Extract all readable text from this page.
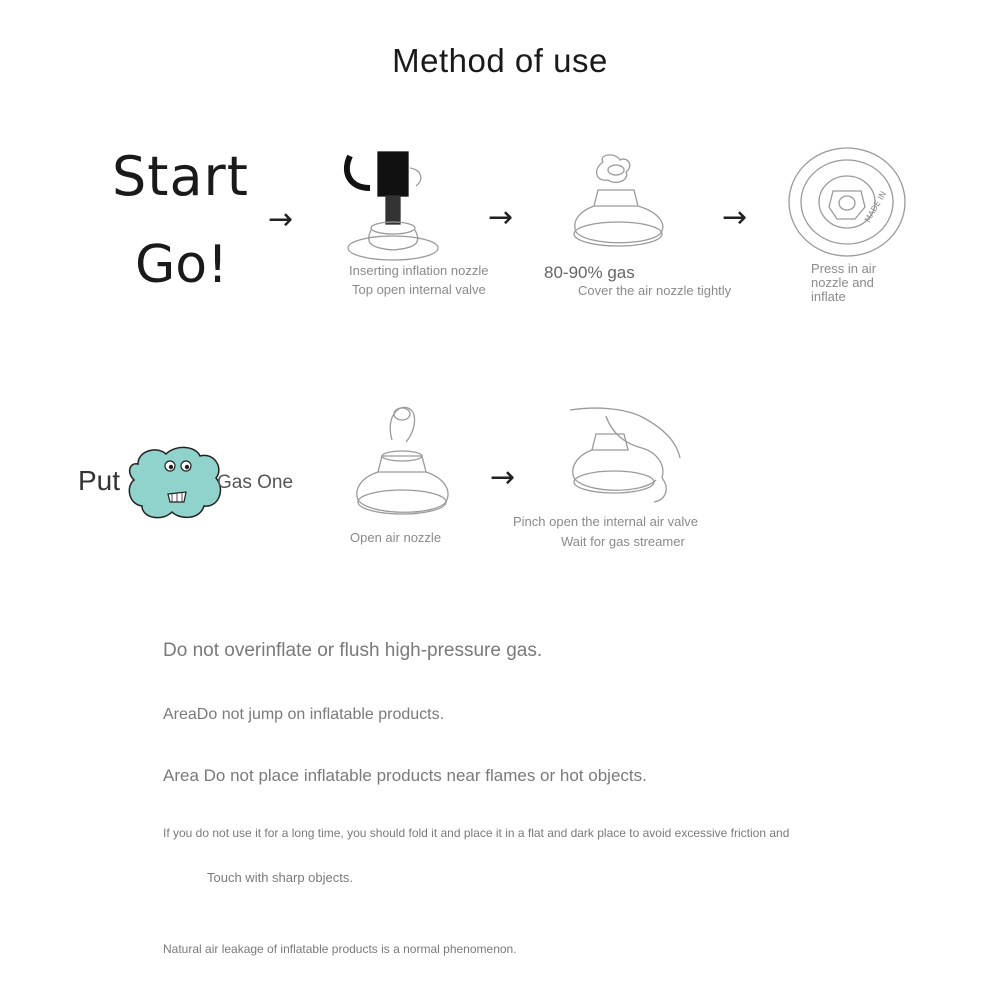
Method of use
Start
Go!
→	→	→
Inserting inflation nozzle
Top open internal valve
80-90% gas
Cover the air nozzle tightly
MADE IN
Press in air
nozzle and
inflate
Put	Gas One
Open air nozzle
→
Pinch open the internal air valve
Wait for gas streamer
Do not overinflate or flush high-pressure gas.
AreaDo not jump on inflatable products.
Area Do not place inflatable products near flames or hot objects.
If you do not use it for a long time, you should fold it and place it in a flat and dark place to avoid excessive friction and
Touch with sharp objects.
Natural air leakage of inflatable products is a normal phenomenon.
